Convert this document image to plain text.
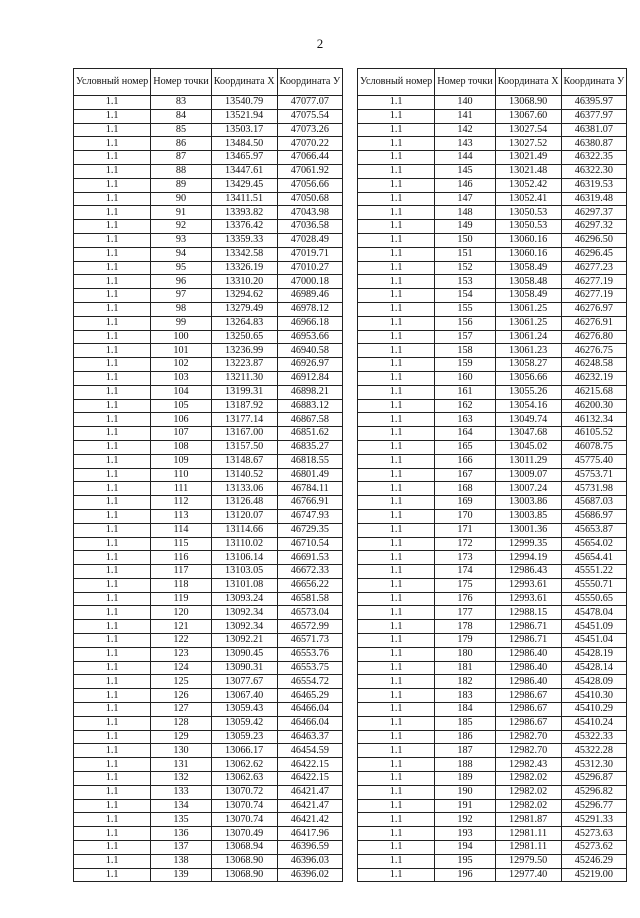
2
Условный номер	Номер точки	Координата X	Координата У
1.1	83	13540.79	47077.07
1.1	84	13521.94	47075.54
1.1	85	13503.17	47073.26
1.1	86	13484.50	47070.22
1.1	87	13465.97	47066.44
1.1	88	13447.61	47061.92
1.1	89	13429.45	47056.66
1.1	90	13411.51	47050.68
1.1	91	13393.82	47043.98
1.1	92	13376.42	47036.58
1.1	93	13359.33	47028.49
1.1	94	13342.58	47019.71
1.1	95	13326.19	47010.27
1.1	96	13310.20	47000.18
1.1	97	13294.62	46989.46
1.1	98	13279.49	46978.12
1.1	99	13264.83	46966.18
1.1	100	13250.65	46953.66
1.1	101	13236.99	46940.58
1.1	102	13223.87	46926.97
1.1	103	13211.30	46912.84
1.1	104	13199.31	46898.21
1.1	105	13187.92	46883.12
1.1	106	13177.14	46867.58
1.1	107	13167.00	46851.62
1.1	108	13157.50	46835.27
1.1	109	13148.67	46818.55
1.1	110	13140.52	46801.49
1.1	111	13133.06	46784.11
1.1	112	13126.48	46766.91
1.1	113	13120.07	46747.93
1.1	114	13114.66	46729.35
1.1	115	13110.02	46710.54
1.1	116	13106.14	46691.53
1.1	117	13103.05	46672.33
1.1	118	13101.08	46656.22
1.1	119	13093.24	46581.58
1.1	120	13092.34	46573.04
1.1	121	13092.34	46572.99
1.1	122	13092.21	46571.73
1.1	123	13090.45	46553.76
1.1	124	13090.31	46553.75
1.1	125	13077.67	46554.72
1.1	126	13067.40	46465.29
1.1	127	13059.43	46466.04
1.1	128	13059.42	46466.04
1.1	129	13059.23	46463.37
1.1	130	13066.17	46454.59
1.1	131	13062.62	46422.15
1.1	132	13062.63	46422.15
1.1	133	13070.72	46421.47
1.1	134	13070.74	46421.47
1.1	135	13070.74	46421.42
1.1	136	13070.49	46417.96
1.1	137	13068.94	46396.59
1.1	138	13068.90	46396.03
1.1	139	13068.90	46396.02
Условный номер	Номер точки	Координата X	Координата У
1.1	140	13068.90	46395.97
1.1	141	13067.60	46377.97
1.1	142	13027.54	46381.07
1.1	143	13027.52	46380.87
1.1	144	13021.49	46322.35
1.1	145	13021.48	46322.30
1.1	146	13052.42	46319.53
1.1	147	13052.41	46319.48
1.1	148	13050.53	46297.37
1.1	149	13050.53	46297.32
1.1	150	13060.16	46296.50
1.1	151	13060.16	46296.45
1.1	152	13058.49	46277.23
1.1	153	13058.48	46277.19
1.1	154	13058.49	46277.19
1.1	155	13061.25	46276.97
1.1	156	13061.25	46276.91
1.1	157	13061.24	46276.80
1.1	158	13061.23	46276.75
1.1	159	13058.27	46248.58
1.1	160	13056.66	46232.19
1.1	161	13055.26	46215.68
1.1	162	13054.16	46200.30
1.1	163	13049.74	46132.34
1.1	164	13047.68	46105.52
1.1	165	13045.02	46078.75
1.1	166	13011.29	45775.40
1.1	167	13009.07	45753.71
1.1	168	13007.24	45731.98
1.1	169	13003.86	45687.03
1.1	170	13003.85	45686.97
1.1	171	13001.36	45653.87
1.1	172	12999.35	45654.02
1.1	173	12994.19	45654.41
1.1	174	12986.43	45551.22
1.1	175	12993.61	45550.71
1.1	176	12993.61	45550.65
1.1	177	12988.15	45478.04
1.1	178	12986.71	45451.09
1.1	179	12986.71	45451.04
1.1	180	12986.40	45428.19
1.1	181	12986.40	45428.14
1.1	182	12986.40	45428.09
1.1	183	12986.67	45410.30
1.1	184	12986.67	45410.29
1.1	185	12986.67	45410.24
1.1	186	12982.70	45322.33
1.1	187	12982.70	45322.28
1.1	188	12982.43	45312.30
1.1	189	12982.02	45296.87
1.1	190	12982.02	45296.82
1.1	191	12982.02	45296.77
1.1	192	12981.87	45291.33
1.1	193	12981.11	45273.63
1.1	194	12981.11	45273.62
1.1	195	12979.50	45246.29
1.1	196	12977.40	45219.00
